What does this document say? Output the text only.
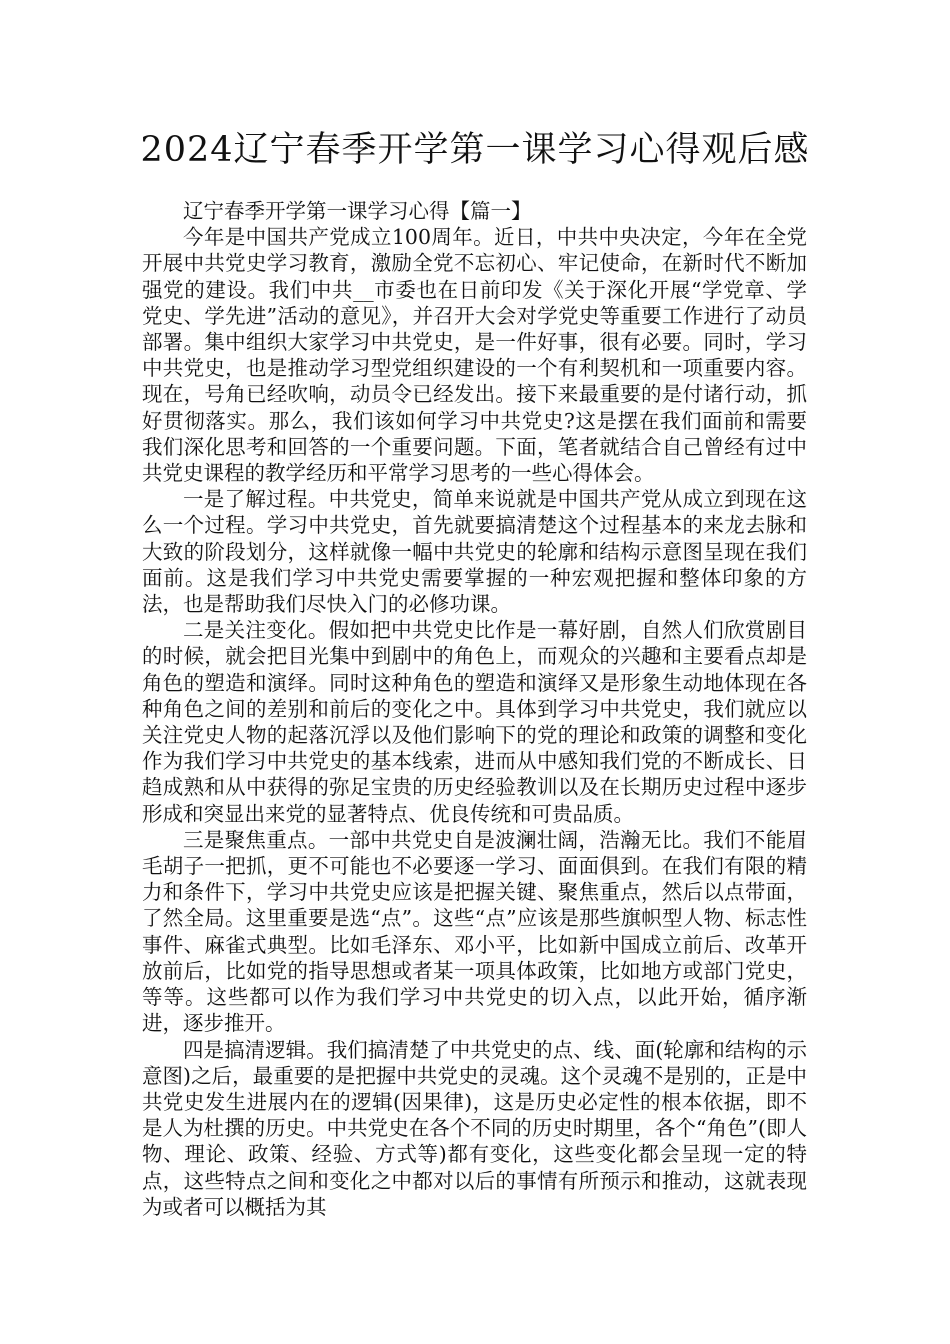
2024辽宁春季开学第一课学习心得观后感

辽宁春季开学第一课学习心得【篇一】

今年是中国共产党成立100周年。近日，中共中央决定，今年在全党开展中共党史学习教育，激励全党不忘初心、牢记使命，在新时代不断加强党的建设。我们中共__市委也在日前印发《关于深化开展“学党章、学党史、学先进”活动的意见》，并召开大会对学党史等重要工作进行了动员部署。集中组织大家学习中共党史，是一件好事，很有必要。同时，学习中共党史，也是推动学习型党组织建设的一个有利契机和一项重要内容。现在，号角已经吹响，动员令已经发出。接下来最重要的是付诸行动，抓好贯彻落实。那么，我们该如何学习中共党史?这是摆在我们面前和需要我们深化思考和回答的一个重要问题。下面，笔者就结合自己曾经有过中共党史课程的教学经历和平常学习思考的一些心得体会。

一是了解过程。中共党史，简单来说就是中国共产党从成立到现在这么一个过程。学习中共党史，首先就要搞清楚这个过程基本的来龙去脉和大致的阶段划分，这样就像一幅中共党史的轮廓和结构示意图呈现在我们面前。这是我们学习中共党史需要掌握的一种宏观把握和整体印象的方法，也是帮助我们尽快入门的必修功课。

二是关注变化。假如把中共党史比作是一幕好剧，自然人们欣赏剧目的时候，就会把目光集中到剧中的角色上，而观众的兴趣和主要看点却是角色的塑造和演绎。同时这种角色的塑造和演绎又是形象生动地体现在各种角色之间的差别和前后的变化之中。具体到学习中共党史，我们就应以关注党史人物的起落沉浮以及他们影响下的党的理论和政策的调整和变化作为我们学习中共党史的基本线索，进而从中感知我们党的不断成长、日趋成熟和从中获得的弥足宝贵的历史经验教训以及在长期历史过程中逐步形成和突显出来党的显著特点、优良传统和可贵品质。

三是聚焦重点。一部中共党史自是波澜壮阔，浩瀚无比。我们不能眉毛胡子一把抓，更不可能也不必要逐一学习、面面俱到。在我们有限的精力和条件下，学习中共党史应该是把握关键、聚焦重点，然后以点带面，了然全局。这里重要是选“点”。这些“点”应该是那些旗帜型人物、标志性事件、麻雀式典型。比如毛泽东、邓小平，比如新中国成立前后、改革开放前后，比如党的指导思想或者某一项具体政策，比如地方或部门党史，等等。这些都可以作为我们学习中共党史的切入点，以此开始，循序渐进，逐步推开。

四是搞清逻辑。我们搞清楚了中共党史的点、线、面(轮廓和结构的示意图)之后，最重要的是把握中共党史的灵魂。这个灵魂不是别的，正是中共党史发生进展内在的逻辑(因果律)，这是历史必定性的根本依据，即不是人为杜撰的历史。中共党史在各个不同的历史时期里，各个“角色”(即人物、理论、政策、经验、方式等)都有变化，这些变化都会呈现一定的特点，这些特点之间和变化之中都对以后的事情有所预示和推动，这就表现为或者可以概括为其
